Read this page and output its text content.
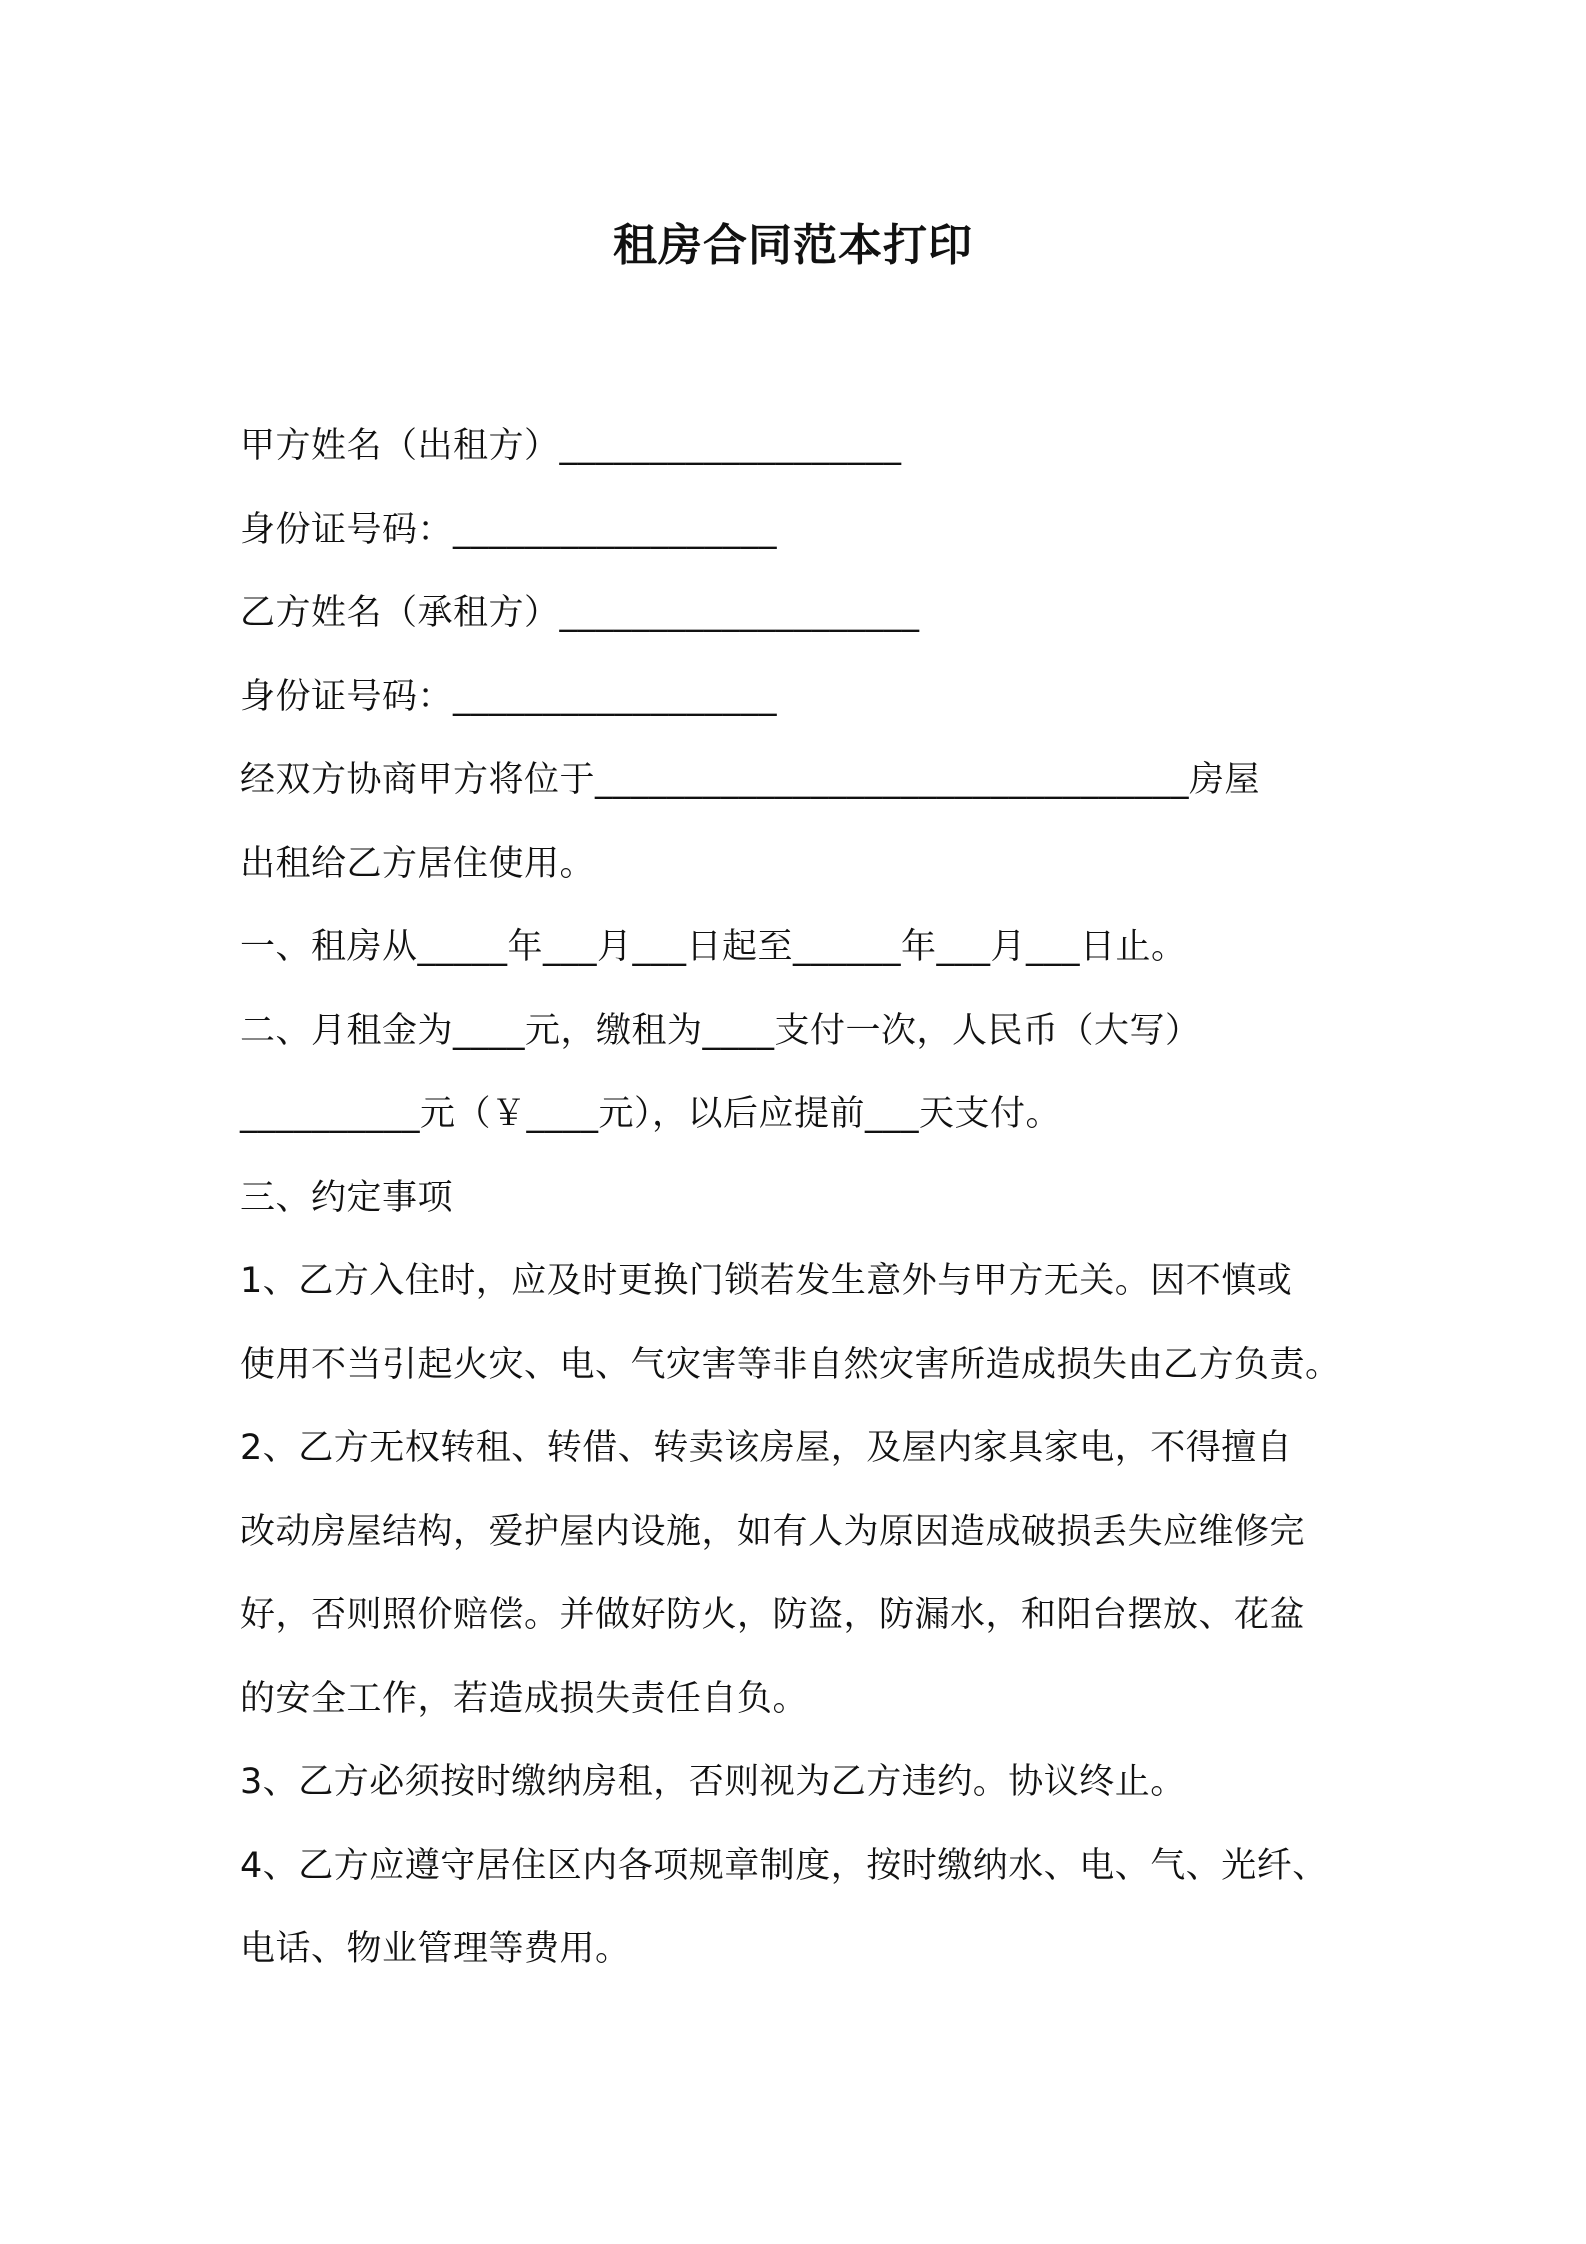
租房合同范本打印
甲方姓名（出租方）___________________
身份证号码：__________________
乙方姓名（承租方）____________________
身份证号码：__________________
经双方协商甲方将位于_________________________________房屋
出租给乙方居住使用。
一、租房从_____年___月___日起至______年___月___日止。
二、月租金为____元，缴租为____支付一次，人民币（大写）
__________元（￥____元），以后应提前___天支付。
三、约定事项
1、乙方入住时，应及时更换门锁若发生意外与甲方无关。因不慎或
使用不当引起火灾、电、气灾害等非自然灾害所造成损失由乙方负责。
2、乙方无权转租、转借、转卖该房屋，及屋内家具家电，不得擅自
改动房屋结构，爱护屋内设施，如有人为原因造成破损丢失应维修完
好，否则照价赔偿。并做好防火，防盗，防漏水，和阳台摆放、花盆
的安全工作，若造成损失责任自负。
3、乙方必须按时缴纳房租，否则视为乙方违约。协议终止。
4、乙方应遵守居住区内各项规章制度，按时缴纳水、电、气、光纤、
电话、物业管理等费用。
